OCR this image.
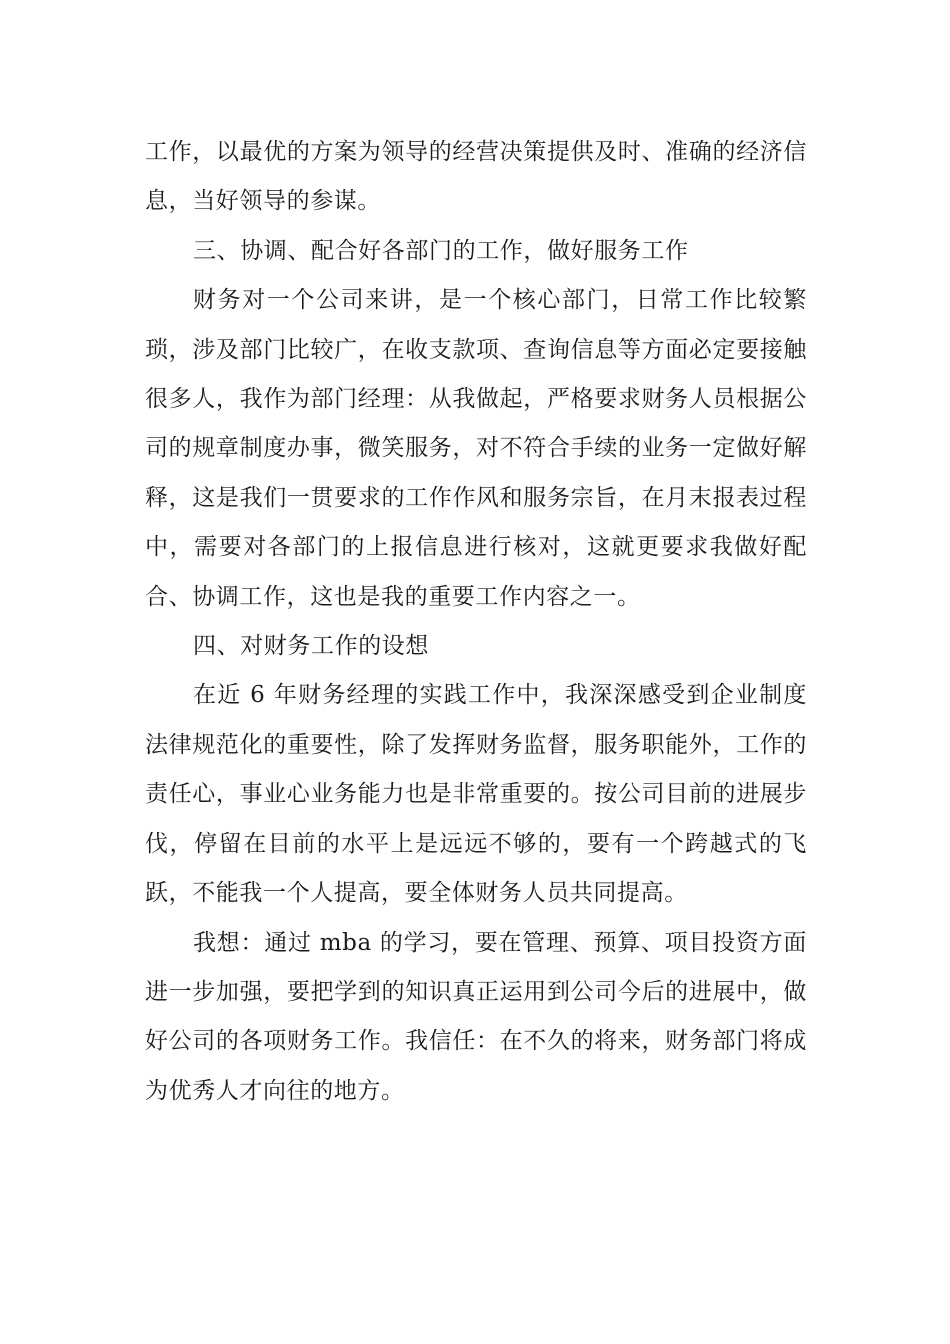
工作，以最优的方案为领导的经营决策提供及时、准确的经济信息，当好领导的参谋。

三、协调、配合好各部门的工作，做好服务工作

财务对一个公司来讲，是一个核心部门，日常工作比较繁琐，涉及部门比较广，在收支款项、查询信息等方面必定要接触很多人，我作为部门经理：从我做起，严格要求财务人员根据公司的规章制度办事，微笑服务，对不符合手续的业务一定做好解释，这是我们一贯要求的工作作风和服务宗旨，在月末报表过程中，需要对各部门的上报信息进行核对，这就更要求我做好配合、协调工作，这也是我的重要工作内容之一。

四、对财务工作的设想

在近 6 年财务经理的实践工作中，我深深感受到企业制度法律规范化的重要性，除了发挥财务监督，服务职能外，工作的责任心，事业心业务能力也是非常重要的。按公司目前的进展步伐，停留在目前的水平上是远远不够的，要有一个跨越式的飞跃，不能我一个人提高，要全体财务人员共同提高。

我想：通过 mba 的学习，要在管理、预算、项目投资方面进一步加强，要把学到的知识真正运用到公司今后的进展中，做好公司的各项财务工作。我信任：在不久的将来，财务部门将成为优秀人才向往的地方。
